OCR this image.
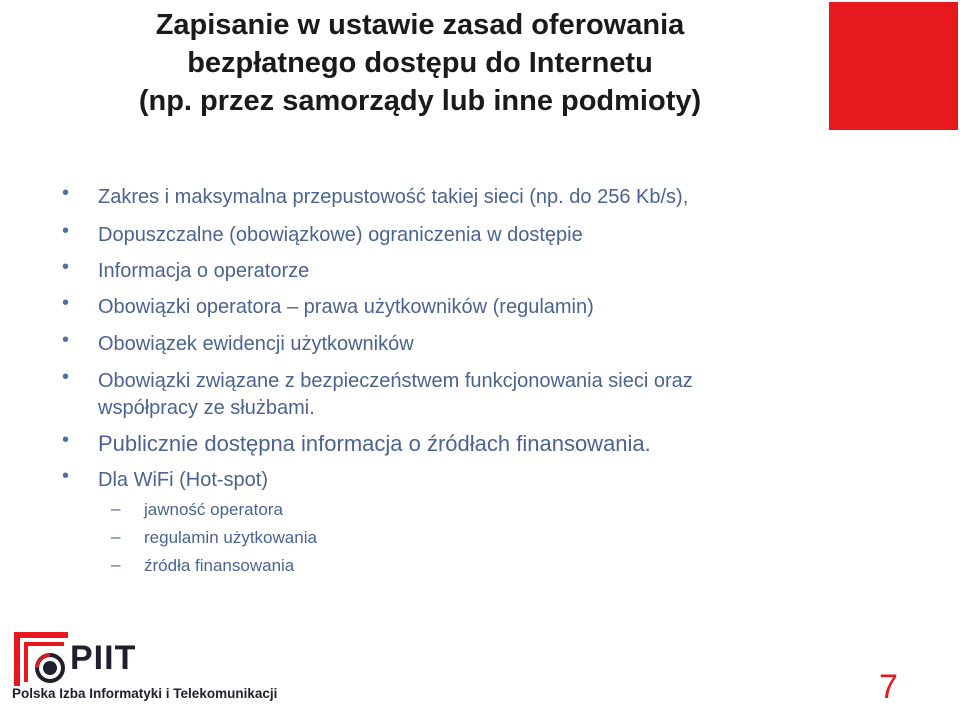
Zapisanie w ustawie zasad oferowania
bezpłatnego dostępu do Internetu
(np. przez samorządy lub inne podmioty)
• Zakres i maksymalna przepustowość takiej sieci (np. do 256 Kb/s),
• Dopuszczalne (obowiązkowe) ograniczenia w dostępie
• Informacja o operatorze
• Obowiązki operatora – prawa użytkowników (regulamin)
• Obowiązek ewidencji użytkowników
• Obowiązki związane z bezpieczeństwem funkcjonowania sieci oraz
współpracy ze służbami.
• Publicznie dostępna informacja o źródłach finansowania.
• Dla WiFi (Hot-spot)
– jawność operatora
– regulamin użytkowania
– źródła finansowania
PIIT
Polska Izba Informatyki i Telekomunikacji	7
